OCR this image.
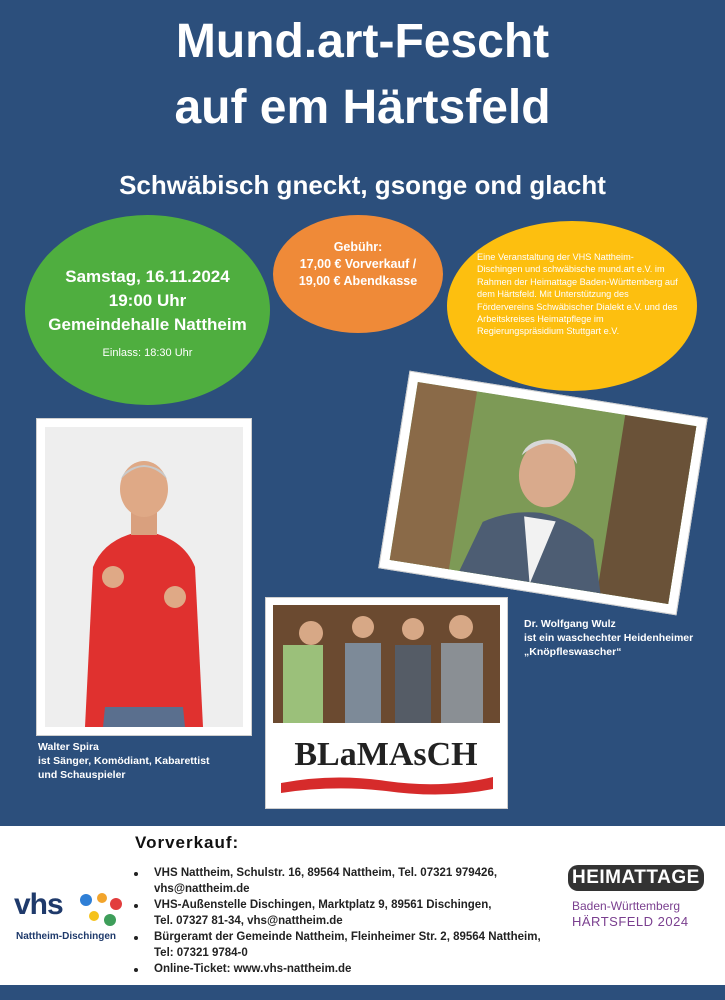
Mund.art-Fescht
auf em Härtsfeld
Schwäbisch gneckt, gsonge ond glacht
Samstag, 16.11.2024
19:00 Uhr
Gemeindehalle Nattheim
Einlass: 18:30 Uhr
Gebühr:
17,00 € Vorverkauf /
19,00 € Abendkasse

Eine Veranstaltung der VHS Nattheim-Dischingen und schwäbische mund.art e.V. im Rahmen der Heimattage Baden-Württemberg auf dem Härtsfeld. Mit Unterstützung des Fördervereins Schwäbischer Dialekt e.V. und des Arbeitskreises Heimatpflege im Regierungspräsidium Stuttgart e.V.

BLaMAsCH
Walter Spira
ist Sänger, Komödiant, Kabarettist
und Schauspieler
Dr. Wolfgang Wulz
ist ein waschechter Heidenheimer
„Knöpfleswascher“
Vorverkauf:
VHS Nattheim, Schulstr. 16, 89564 Nattheim, Tel. 07321 979426,
vhs@nattheim.de
VHS-Außenstelle Dischingen, Marktplatz 9, 89561 Dischingen,
Tel. 07327 81-34, vhs@nattheim.de
Bürgeramt der Gemeinde Nattheim, Fleinheimer Str. 2, 89564 Nattheim,
Tel: 07321 9784-0
Online-Ticket: www.vhs-nattheim.de
vhs
Nattheim-Dischingen
HEIMATTAGE
Baden-Württemberg
HÄRTSFELD 2024
